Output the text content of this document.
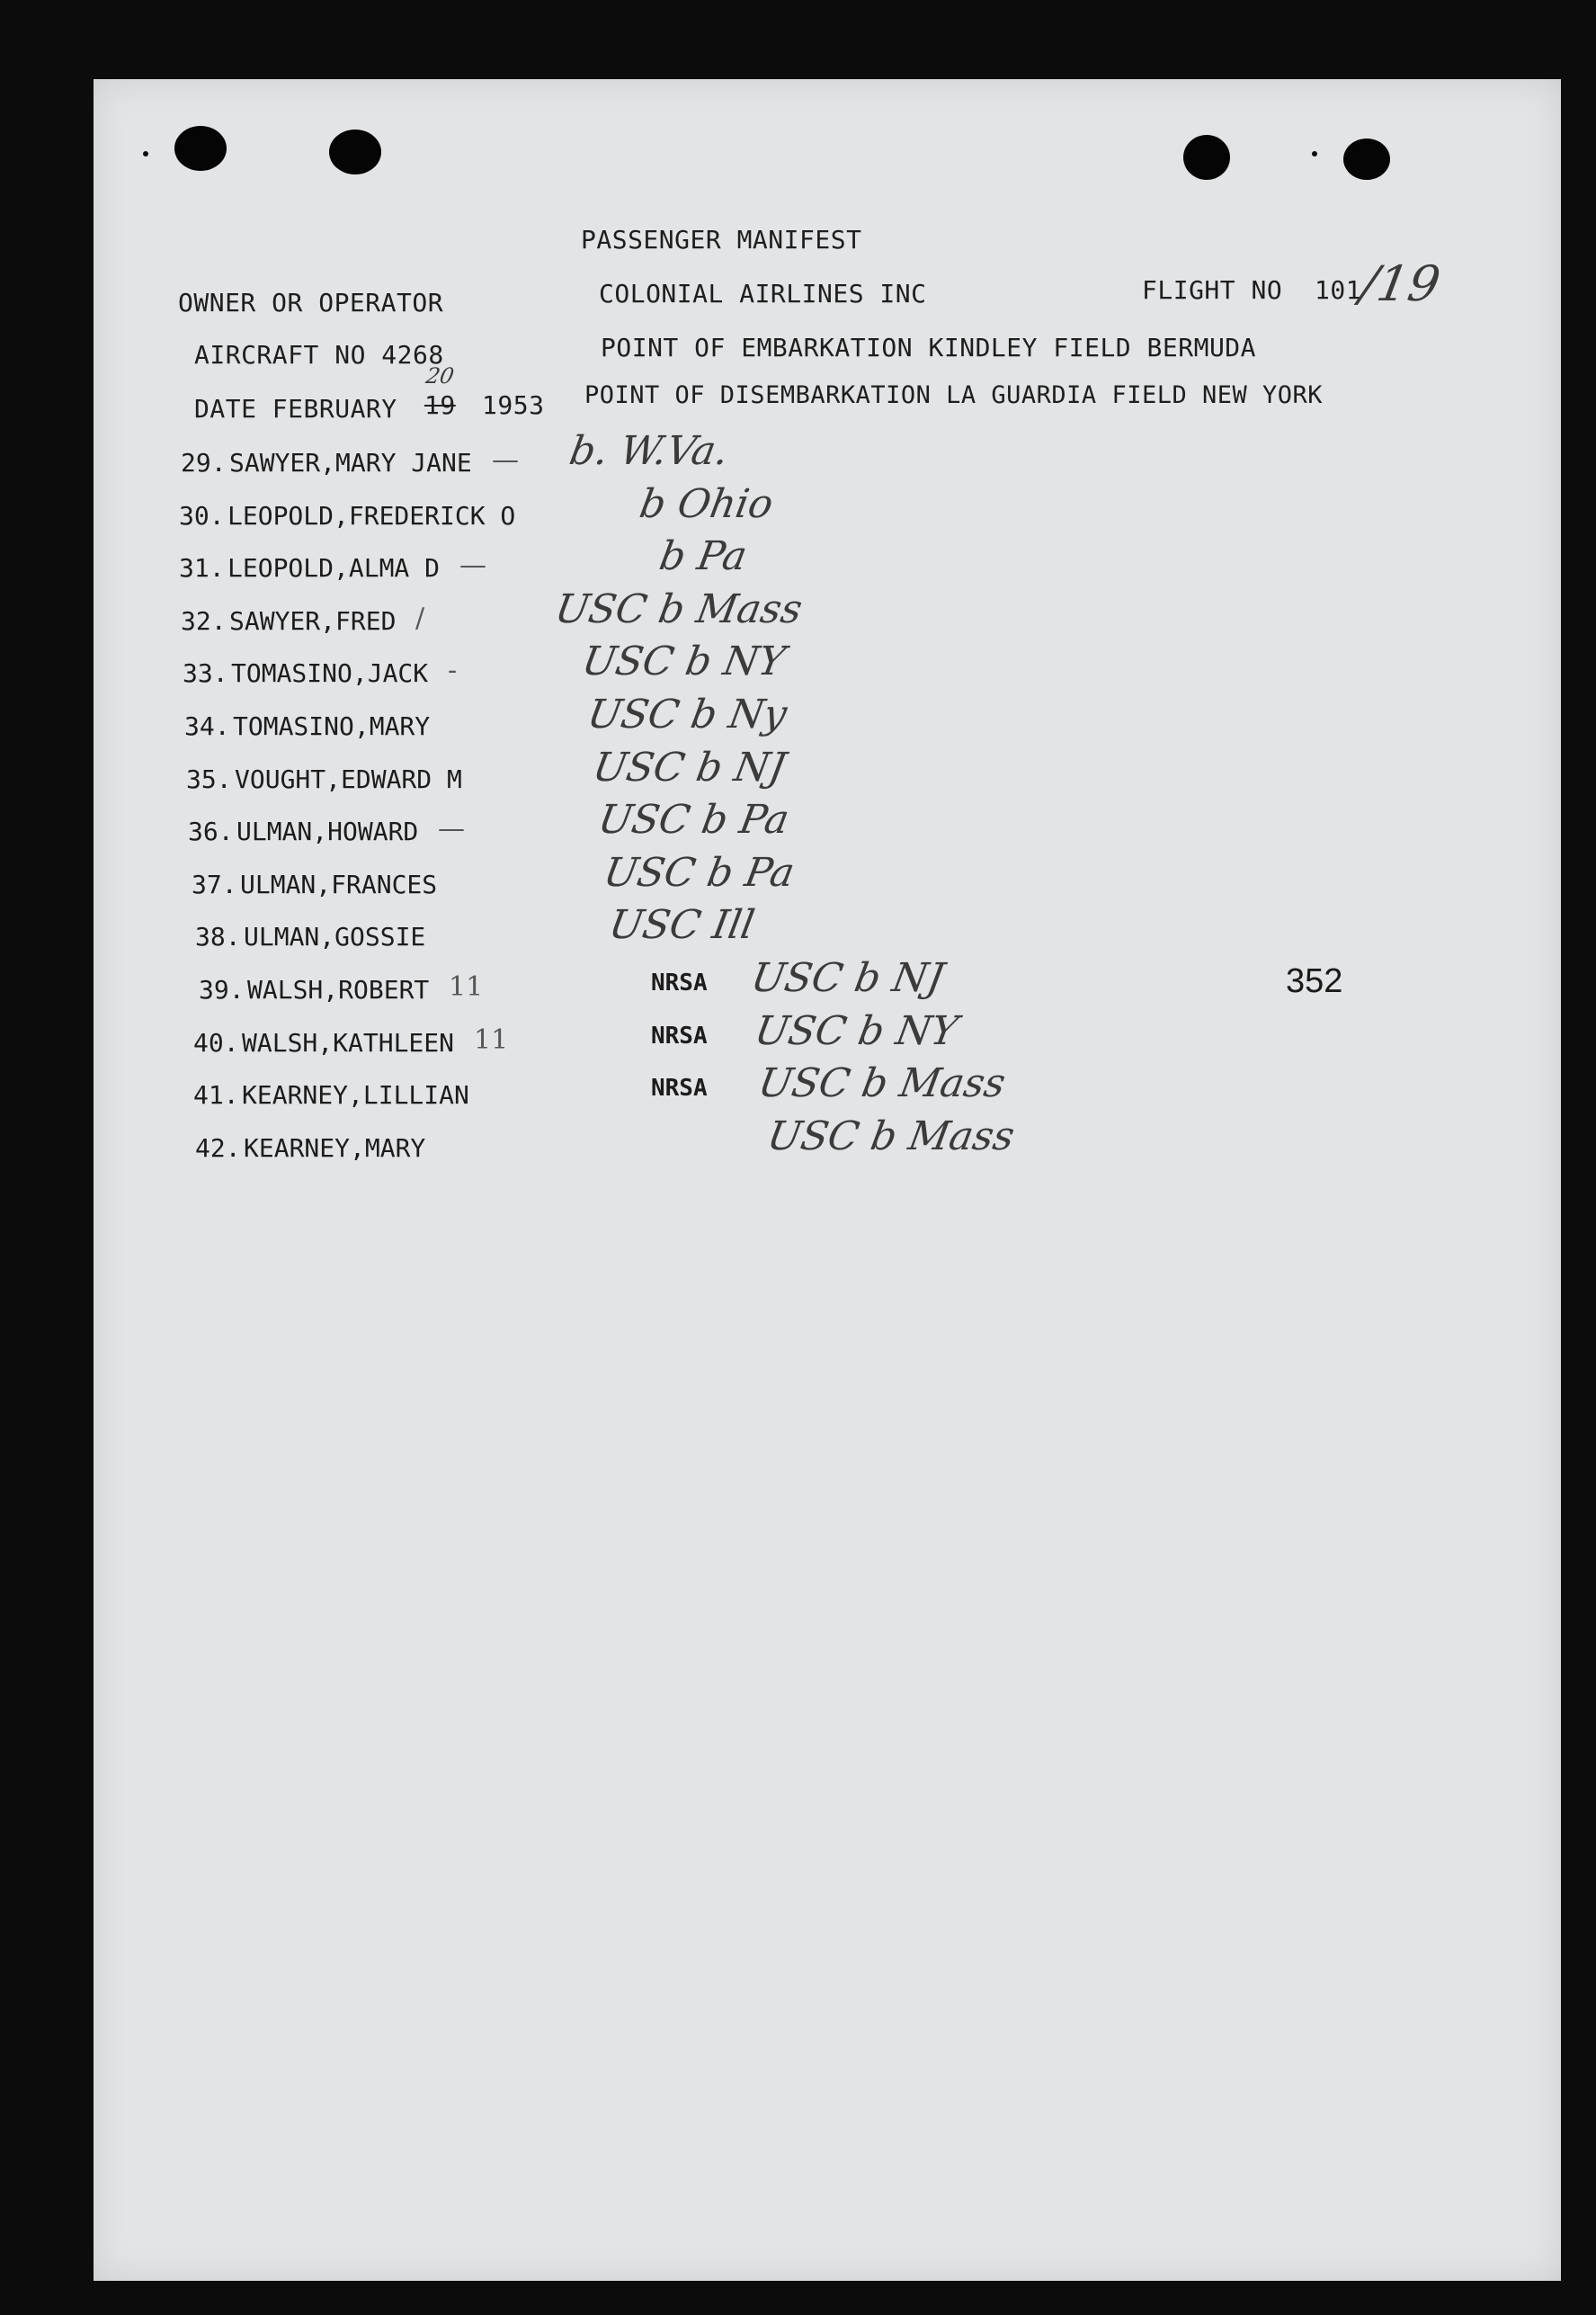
PASSENGER MANIFEST
OWNER OR OPERATOR	COLONIAL AIRLINES INC	FLIGHT NO 101
/19
AIRCRAFT NO 4268	POINT OF EMBARKATION KINDLEY FIELD BERMUDA
DATE FEBRUARY 19
20
1953 POINT OF DISEMBARKATION LA GUARDIA FIELD NEW YORK
29. SAWYER,MARY JANE — b. W.Va.
30. LEOPOLD,FREDERICK O	b Ohio
31. LEOPOLD,ALMA D —	b Pa
32. SAWYER,FRED /	USC b Mass
33. TOMASINO,JACK -	USC b NY
34. TOMASINO,MARY	USC b Ny
35. VOUGHT,EDWARD M	USC b NJ
36. ULMAN,HOWARD —	USC b Pa
37. ULMAN,FRANCES	USC b Pa
38. ULMAN,GOSSIE	USC Ill
39. WALSH,ROBERT 11	NRSA USC b NJ
40. WALSH,KATHLEEN 11	NRSA USC b NY
41. KEARNEY,LILLIAN	NRSA USC b Mass
42. KEARNEY,MARY	USC b Mass
352
